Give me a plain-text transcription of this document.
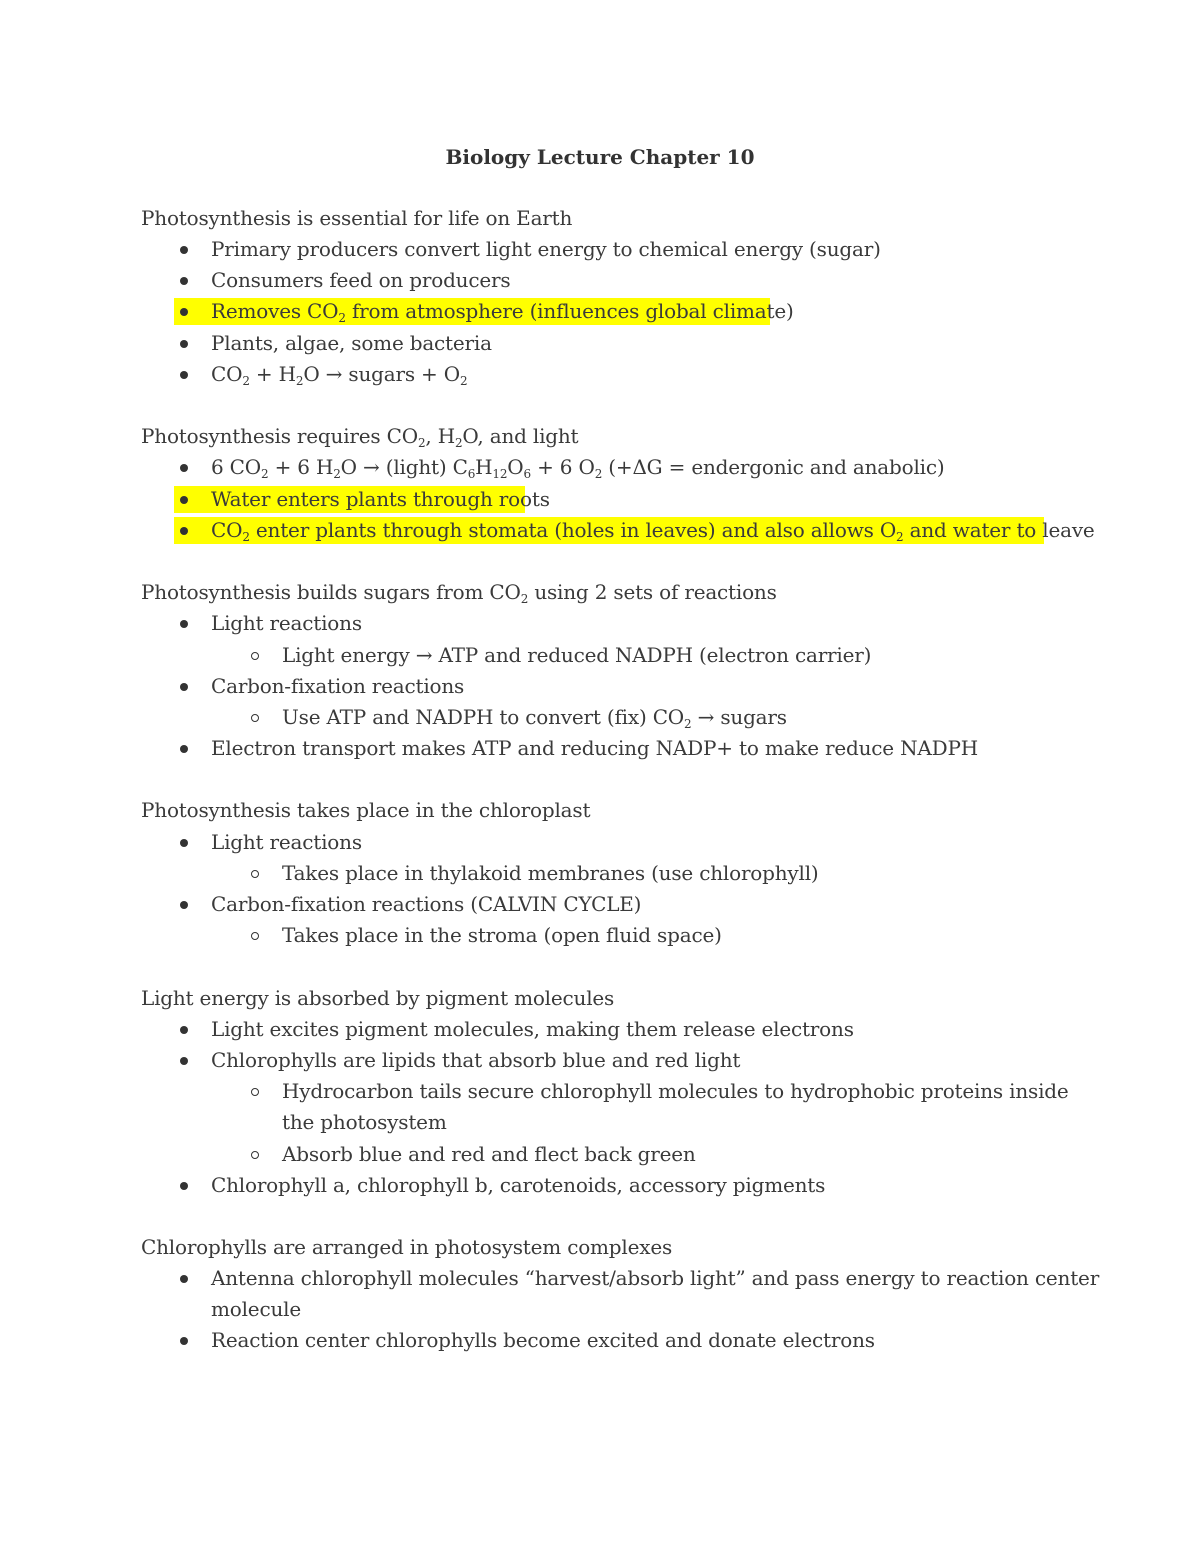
Biology Lecture Chapter 10
Photosynthesis is essential for life on Earth
Primary producers convert light energy to chemical energy (sugar)
Consumers feed on producers
Removes $CO_2$ from atmosphere (influences global climate)
Plants, algae, some bacteria
$CO_2 + H_2O$ → sugars + $O_2$
Photosynthesis requires $CO_2$, $H_2O$, and light
6 $CO_2 + 6$ $H_2O$ → (light) $C_6H_{12}O_6 + 6$ $O_2$ (+ΔG = endergonic and anabolic)
Water enters plants through roots
$CO_2$ enter plants through stomata (holes in leaves) and also allows $O_2$ and water to leave
Photosynthesis builds sugars from $CO_2$ using 2 sets of reactions
Light reactions
Light energy → ATP and reduced NADPH (electron carrier)
Carbon-fixation reactions
Use ATP and NADPH to convert (fix) $CO_2$ → sugars
Electron transport makes ATP and reducing NADP+ to make reduce NADPH
Photosynthesis takes place in the chloroplast
Light reactions
Takes place in thylakoid membranes (use chlorophyll)
Carbon-fixation reactions (CALVIN CYCLE)
Takes place in the stroma (open fluid space)
Light energy is absorbed by pigment molecules
Light excites pigment molecules, making them release electrons
Chlorophylls are lipids that absorb blue and red light
Hydrocarbon tails secure chlorophyll molecules to hydrophobic proteins inside
the photosystem
Absorb blue and red and flect back green
Chlorophyll a, chlorophyll b, carotenoids, accessory pigments
Chlorophylls are arranged in photosystem complexes
Antenna chlorophyll molecules “harvest/absorb light” and pass energy to reaction center
molecule
Reaction center chlorophylls become excited and donate electrons
